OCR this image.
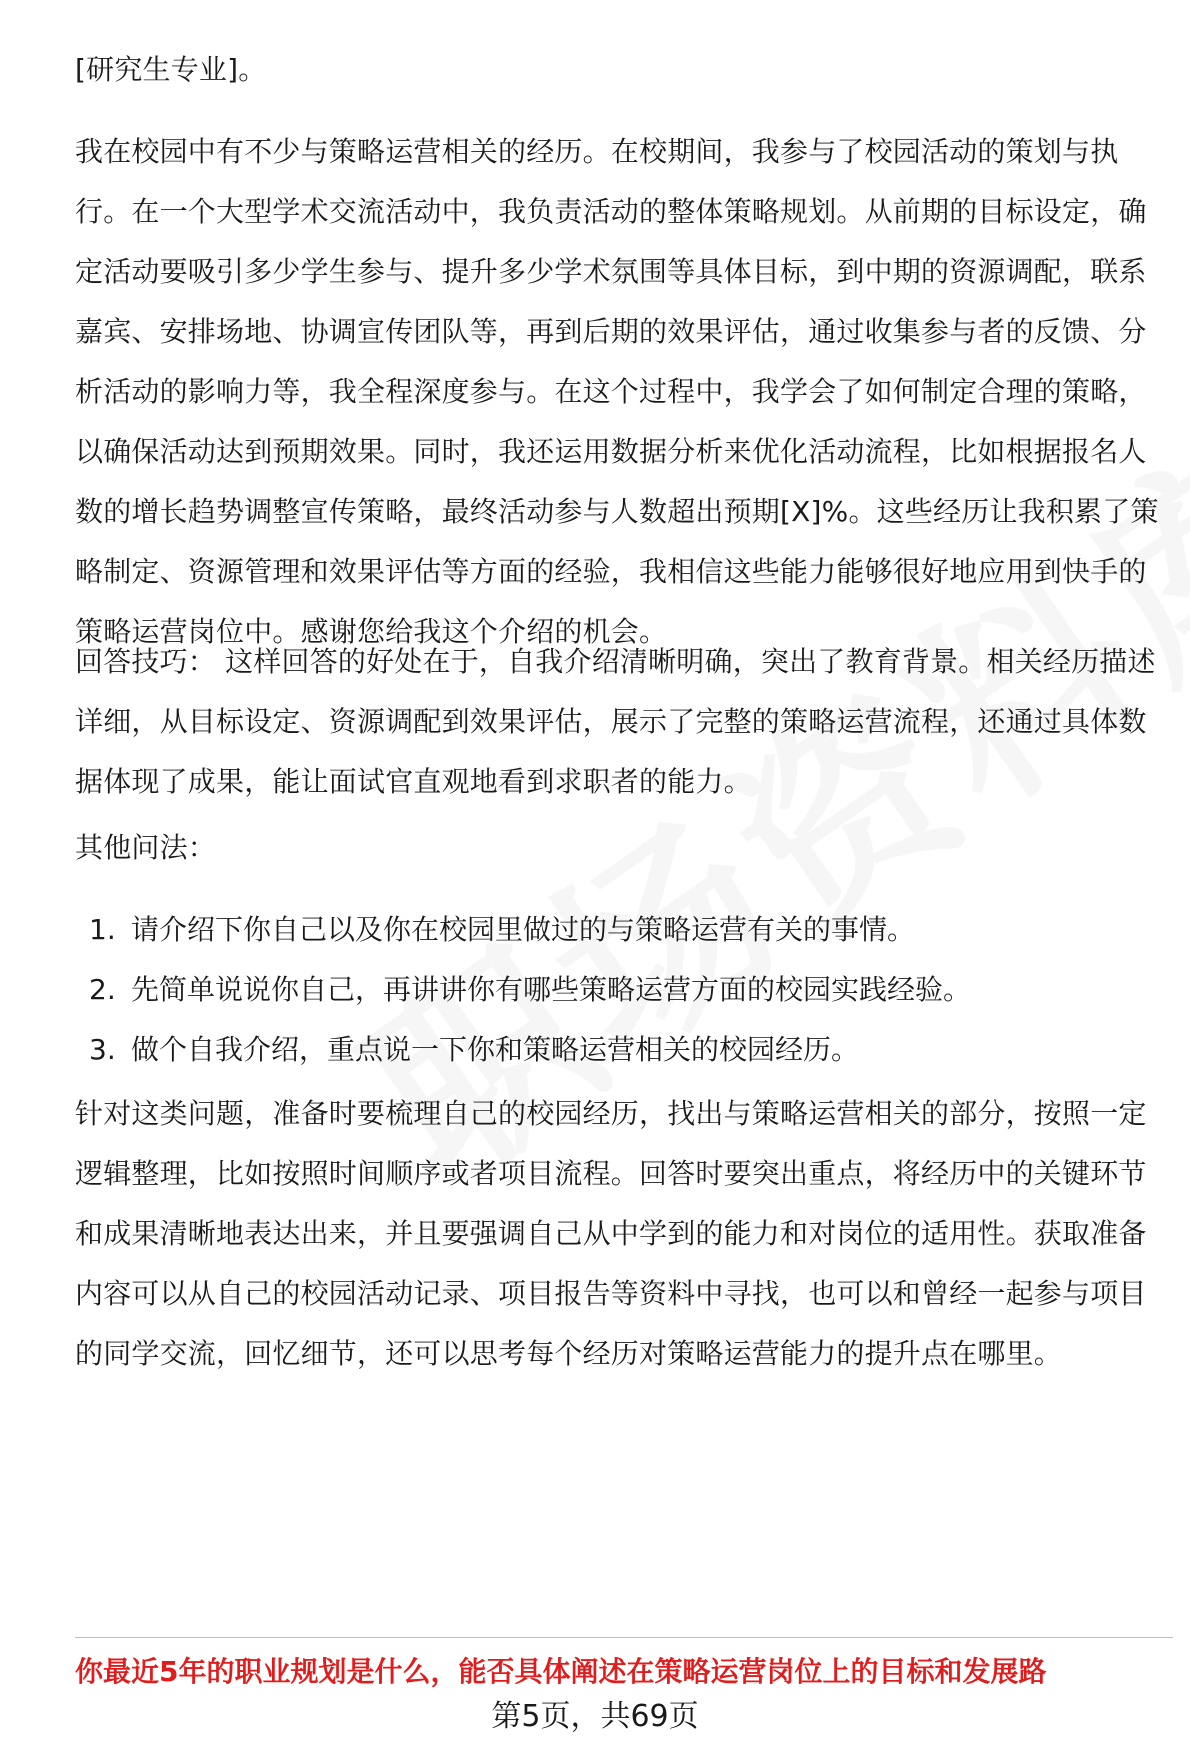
[研究生专业]。

我在校园中有不少与策略运营相关的经历。在校期间，我参与了校园活动的策划与执行。在一个大型学术交流活动中，我负责活动的整体策略规划。从前期的目标设定，确定活动要吸引多少学生参与、提升多少学术氛围等具体目标，到中期的资源调配，联系嘉宾、安排场地、协调宣传团队等，再到后期的效果评估，通过收集参与者的反馈、分析活动的影响力等，我全程深度参与。在这个过程中，我学会了如何制定合理的策略，以确保活动达到预期效果。同时，我还运用数据分析来优化活动流程，比如根据报名人数的增长趋势调整宣传策略，最终活动参与人数超出预期[X]%。这些经历让我积累了策略制定、资源管理和效果评估等方面的经验，我相信这些能力能够很好地应用到快手的策略运营岗位中。感谢您给我这个介绍的机会。

回答技巧： 这样回答的好处在于，自我介绍清晰明确，突出了教育背景。相关经历描述详细，从目标设定、资源调配到效果评估，展示了完整的策略运营流程，还通过具体数据体现了成果，能让面试官直观地看到求职者的能力。

其他问法：

1. 请介绍下你自己以及你在校园里做过的与策略运营有关的事情。
2. 先简单说说你自己，再讲讲你有哪些策略运营方面的校园实践经验。
3. 做个自我介绍，重点说一下你和策略运营相关的校园经历。

针对这类问题，准备时要梳理自己的校园经历，找出与策略运营相关的部分，按照一定逻辑整理，比如按照时间顺序或者项目流程。回答时要突出重点，将经历中的关键环节和成果清晰地表达出来，并且要强调自己从中学到的能力和对岗位的适用性。获取准备内容可以从自己的校园活动记录、项目报告等资料中寻找，也可以和曾经一起参与项目的同学交流，回忆细节，还可以思考每个经历对策略运营能力的提升点在哪里。

你最近5年的职业规划是什么，能否具体阐述在策略运营岗位上的目标和发展路
第5页，共69页
